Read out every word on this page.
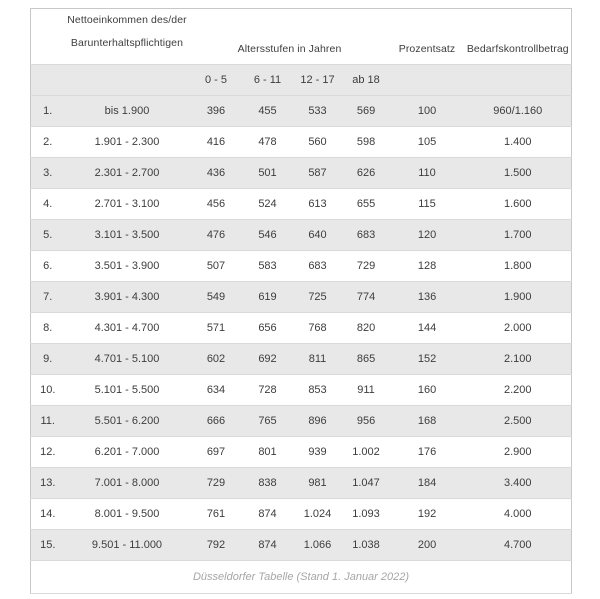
	Nettoeinkommen des/der
Barunterhaltspflichtigen	Altersstufen in Jahren				Prozentsatz	Bedarfskontrollbetrag
		0 - 5	6 - 11	12 - 17	ab 18		
1.	bis 1.900	396	455	533	569	100	960/1.160
2.	1.901 - 2.300	416	478	560	598	105	1.400
3.	2.301 - 2.700	436	501	587	626	110	1.500
4.	2.701 - 3.100	456	524	613	655	115	1.600
5.	3.101 - 3.500	476	546	640	683	120	1.700
6.	3.501 - 3.900	507	583	683	729	128	1.800
7.	3.901 - 4.300	549	619	725	774	136	1.900
8.	4.301 - 4.700	571	656	768	820	144	2.000
9.	4.701 - 5.100	602	692	811	865	152	2.100
10.	5.101 - 5.500	634	728	853	911	160	2.200
11.	5.501 - 6.200	666	765	896	956	168	2.500
12.	6.201 - 7.000	697	801	939	1.002	176	2.900
13.	7.001 - 8.000	729	838	981	1.047	184	3.400
14.	8.001 - 9.500	761	874	1.024	1.093	192	4.000
15.	9.501 - 11.000	792	874	1.066	1.038	200	4.700
Düsseldorfer Tabelle (Stand 1. Januar 2022)							
